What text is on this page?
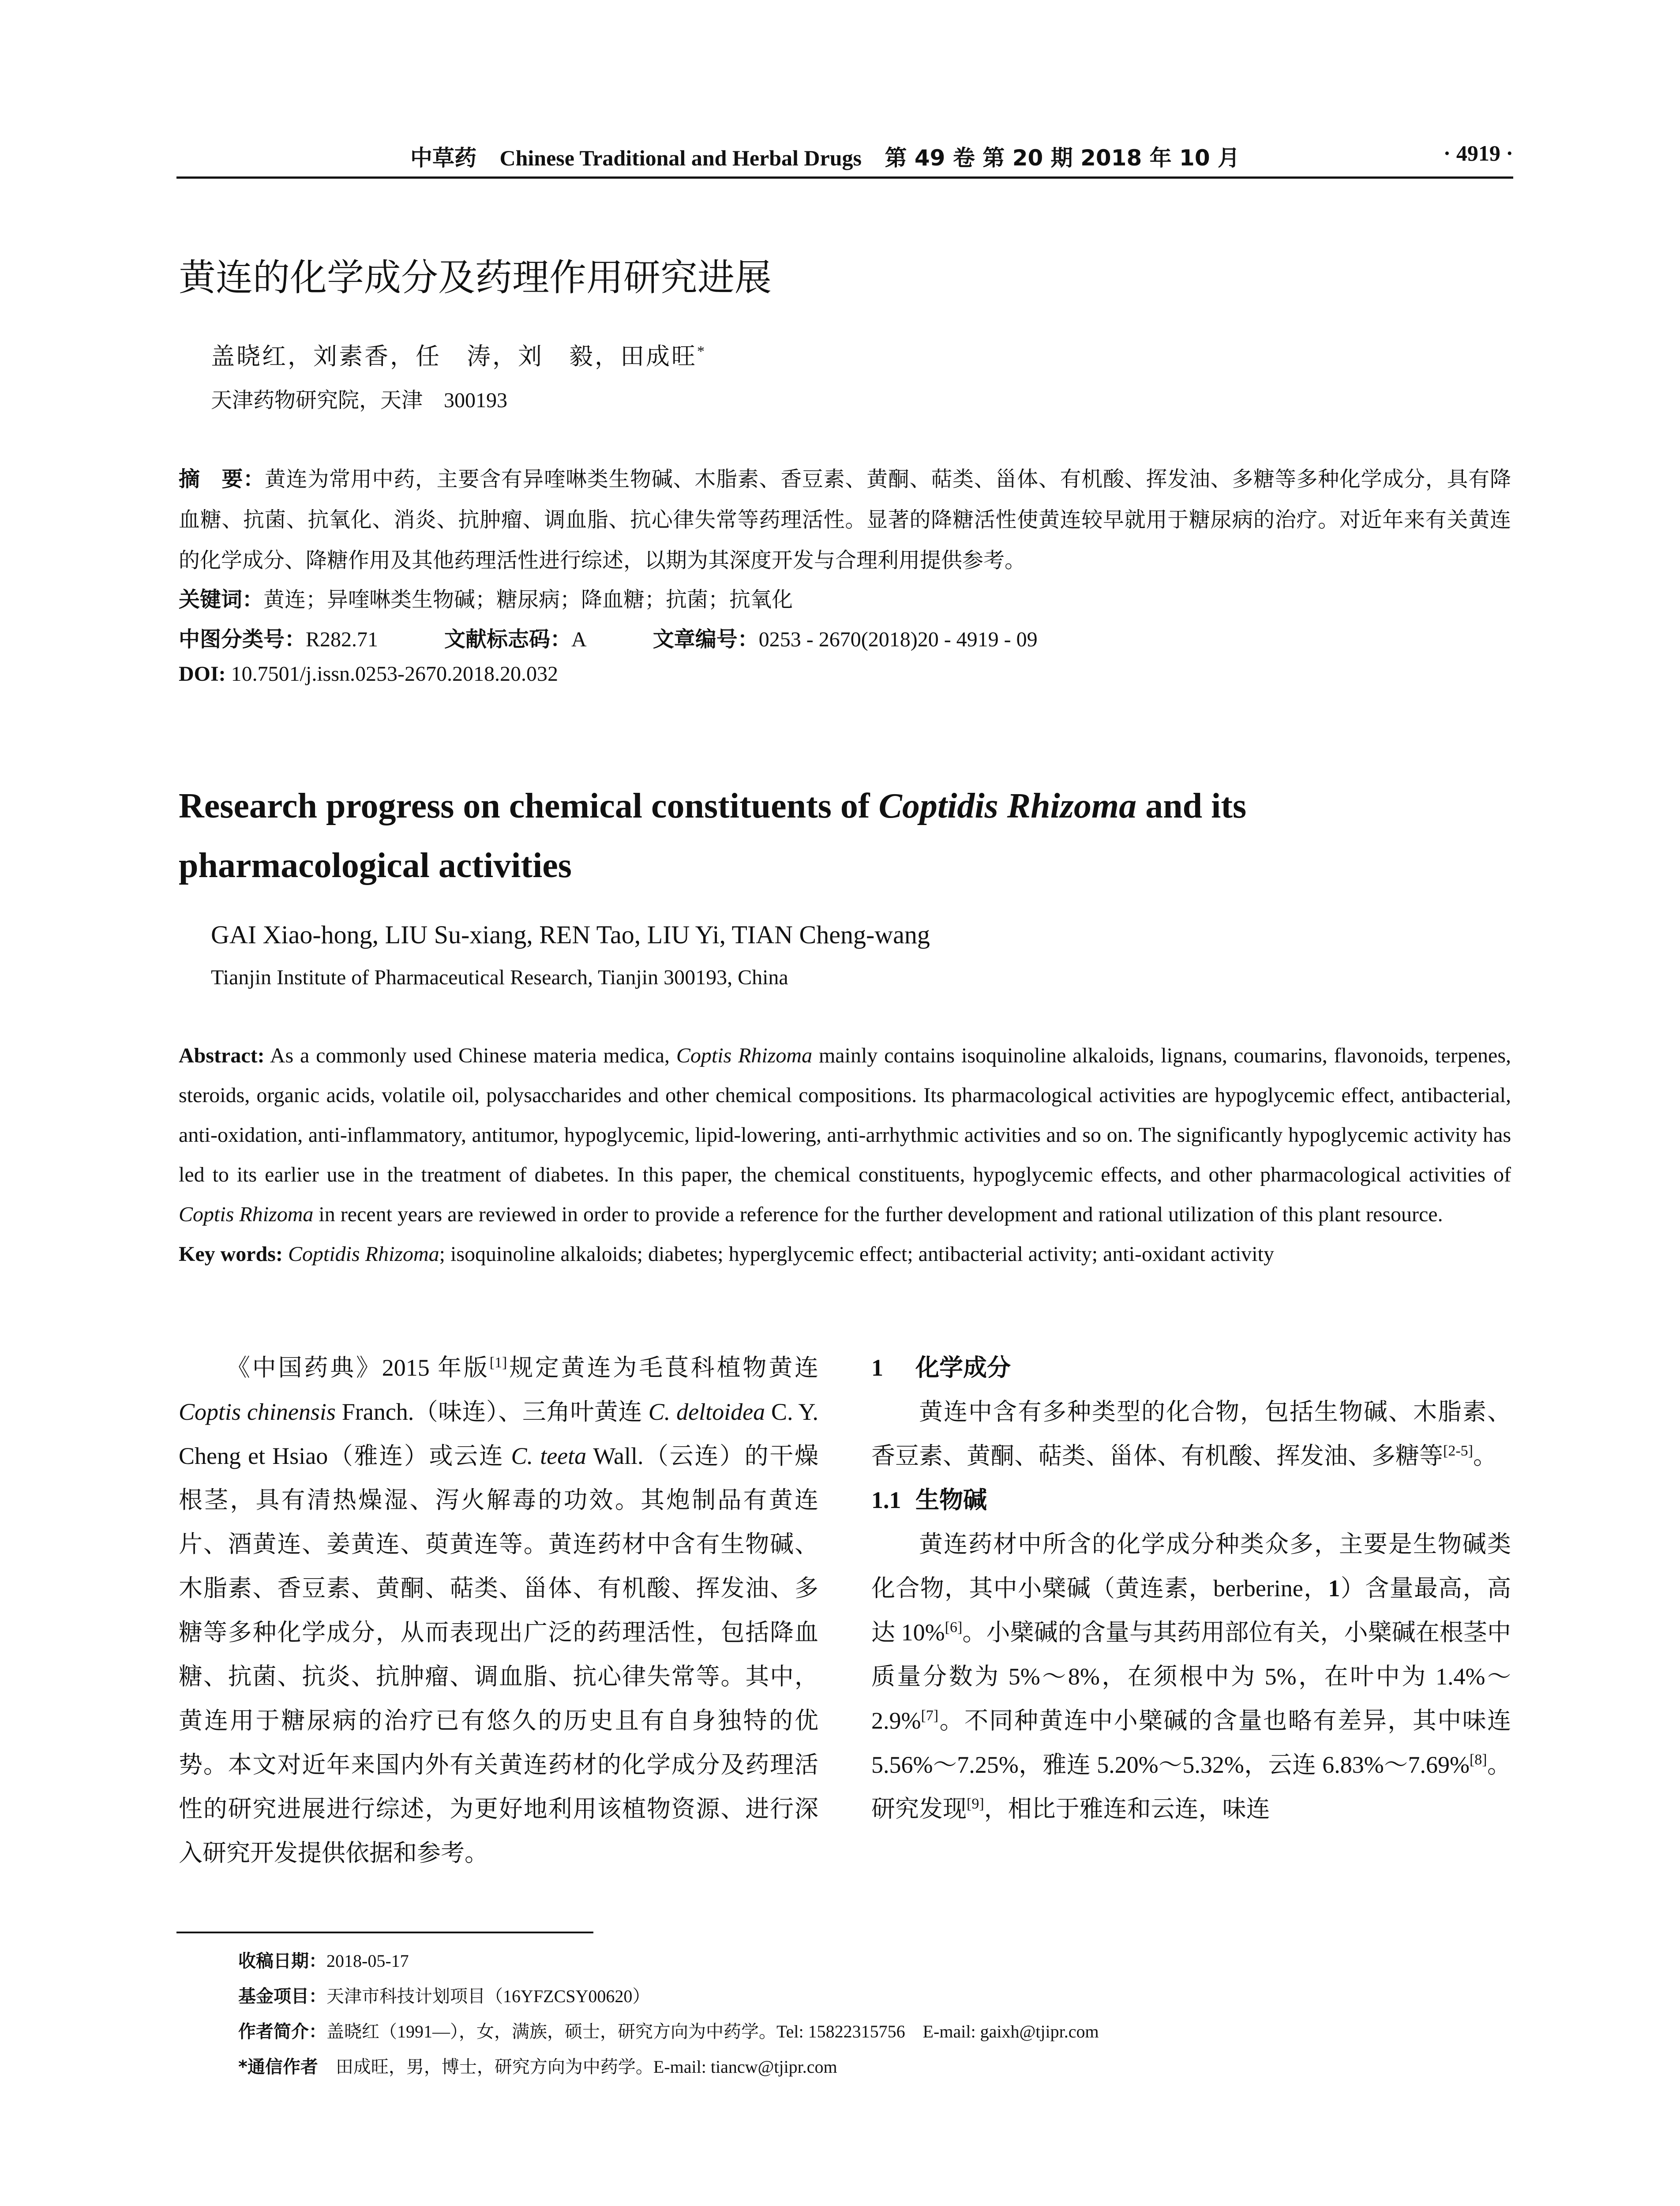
中草药 Chinese Traditional and Herbal Drugs 第 49 卷 第 20 期 2018 年 10 月	· 4919 ·
黄连的化学成分及药理作用研究进展
盖晓红，刘素香，任　涛，刘　毅，田成旺*
天津药物研究院，天津　300193

摘　要：黄连为常用中药，主要含有异喹啉类生物碱、木脂素、香豆素、黄酮、萜类、甾体、有机酸、挥发油、多糖等多种化学成分，具有降血糖、抗菌、抗氧化、消炎、抗肿瘤、调血脂、抗心律失常等药理活性。显著的降糖活性使黄连较早就用于糖尿病的治疗。对近年来有关黄连的化学成分、降糖作用及其他药理活性进行综述，以期为其深度开发与合理利用提供参考。

关键词：黄连；异喹啉类生物碱；糖尿病；降血糖；抗菌；抗氧化
中图分类号：R282.71	文献标志码：A	文章编号：0253 - 2670(2018)20 - 4919 - 09
DOI: 10.7501/j.issn.0253-2670.2018.20.032
Research progress on chemical constituents of Coptidis Rhizoma and its pharmacological activities
GAI Xiao-hong, LIU Su-xiang, REN Tao, LIU Yi, TIAN Cheng-wang
Tianjin Institute of Pharmaceutical Research, Tianjin 300193, China

Abstract: As a commonly used Chinese materia medica, Coptis Rhizoma mainly contains isoquinoline alkaloids, lignans, coumarins, flavonoids, terpenes, steroids, organic acids, volatile oil, polysaccharides and other chemical compositions. Its pharmacological activities are hypoglycemic effect, antibacterial, anti-oxidation, anti-inflammatory, antitumor, hypoglycemic, lipid-lowering, anti-arrhythmic activities and so on. The significantly hypoglycemic activity has led to its earlier use in the treatment of diabetes. In this paper, the chemical constituents, hypoglycemic effects, and other pharmacological activities of Coptis Rhizoma in recent years are reviewed in order to provide a reference for the further development and rational utilization of this plant resource.

Key words: Coptidis Rhizoma; isoquinoline alkaloids; diabetes; hyperglycemic effect; antibacterial activity; anti-oxidant activity

《中国药典》2015 年版[1]规定黄连为毛茛科植物黄连 Coptis chinensis Franch.（味连）、三角叶黄连 C. deltoidea C. Y. Cheng et Hsiao（雅连）或云连 C. teeta Wall.（云连）的干燥根茎，具有清热燥湿、泻火解毒的功效。其炮制品有黄连片、酒黄连、姜黄连、萸黄连等。黄连药材中含有生物碱、木脂素、香豆素、黄酮、萜类、甾体、有机酸、挥发油、多糖等多种化学成分，从而表现出广泛的药理活性，包括降血糖、抗菌、抗炎、抗肿瘤、调血脂、抗心律失常等。其中，黄连用于糖尿病的治疗已有悠久的历史且有自身独特的优势。本文对近年来国内外有关黄连药材的化学成分及药理活性的研究进展进行综述，为更好地利用该植物资源、进行深入研究开发提供依据和参考。

1 化学成分

黄连中含有多种类型的化合物，包括生物碱、木脂素、香豆素、黄酮、萜类、甾体、有机酸、挥发油、多糖等[2-5]。

1.1 生物碱

黄连药材中所含的化学成分种类众多，主要是生物碱类化合物，其中小檗碱（黄连素，berberine，1）含量最高，高达 10%[6]。小檗碱的含量与其药用部位有关，小檗碱在根茎中质量分数为 5%～8%，在须根中为 5%，在叶中为 1.4%～2.9%[7]。不同种黄连中小檗碱的含量也略有差异，其中味连 5.56%～7.25%，雅连 5.20%～5.32%，云连 6.83%～7.69%[8]。研究发现[9]，相比于雅连和云连，味连

收稿日期：2018-05-17
基金项目：天津市科技计划项目（16YFZCSY00620）
作者简介：盖晓红（1991—），女，满族，硕士，研究方向为中药学。Tel: 15822315756　E-mail: gaixh@tjipr.com
*通信作者　田成旺，男，博士，研究方向为中药学。E-mail: tiancw@tjipr.com
